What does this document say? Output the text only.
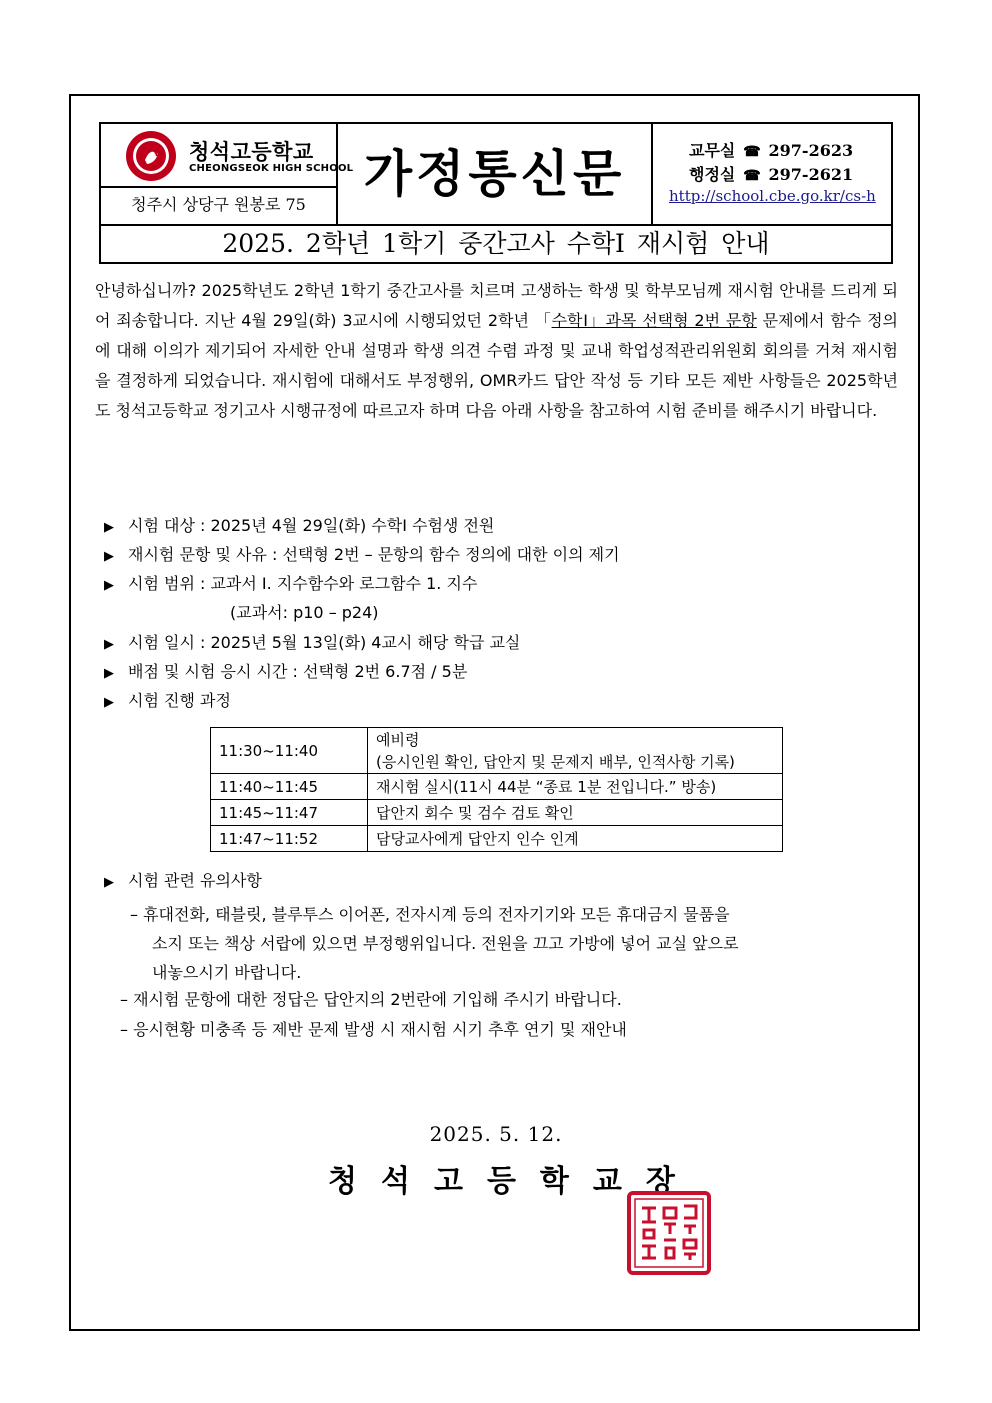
청석고등학교
CHEONGSEOK HIGH SCHOOL
청주시 상당구 원봉로 75
가정통신문	교무실 ☎ 297-2623
행정실 ☎ 297-2621
http://school.cbe.go.kr/cs-h
2025. 2학년 1학기 중간고사 수학Ⅰ 재시험 안내
안녕하십니까? 2025학년도 2학년 1학기 중간고사를 치르며 고생하는 학생 및 학부모님께 재시험 안내를 드리게 되어 죄송합니다. 지난 4월 29일(화) 3교시에 시행되었던 2학년 「수학Ⅰ」과목 선택형 2번 문항 문제에서 함수 정의에 대해 이의가 제기되어 자세한 안내 설명과 학생 의견 수렴 과정 및 교내 학업성적관리위원회 회의를 거쳐 재시험을 결정하게 되었습니다. 재시험에 대해서도 부정행위, OMR카드 답안 작성 등 기타 모든 제반 사항들은 2025학년도 청석고등학교 정기고사 시행규정에 따르고자 하며 다음 아래 사항을 참고하여 시험 준비를 해주시기 바랍니다.
▶ 시험 대상 : 2025년 4월 29일(화) 수학Ⅰ 수험생 전원
▶ 재시험 문항 및 사유 : 선택형 2번 – 문항의 함수 정의에 대한 이의 제기
▶ 시험 범위 : 교과서 Ⅰ. 지수함수와 로그함수 1. 지수
(교과서: p10 – p24)
▶ 시험 일시 : 2025년 5월 13일(화) 4교시 해당 학급 교실
▶ 배점 및 시험 응시 시간 : 선택형 2번 6.7점 / 5분
▶ 시험 진행 과정
11:30~11:40	예비령
(응시인원 확인, 답안지 및 문제지 배부, 인적사항 기록)

11:40~11:45	재시험 실시(11시 44분 “종료 1분 전입니다.” 방송)
11:45~11:47	답안지 회수 및 검수 검토 확인
11:47~11:52	담당교사에게 답안지 인수 인계
▶ 시험 관련 유의사항
– 휴대전화, 태블릿, 블루투스 이어폰, 전자시계 등의 전자기기와 모든 휴대금지 물품을
소지 또는 책상 서랍에 있으면 부정행위입니다. 전원을 끄고 가방에 넣어 교실 앞으로
내놓으시기 바랍니다.
– 재시험 문항에 대한 정답은 답안지의 2번란에 기입해 주시기 바랍니다.
– 응시현황 미충족 등 제반 문제 발생 시 재시험 시기 추후 연기 및 재안내
2025. 5. 12.
청석고등학교장
